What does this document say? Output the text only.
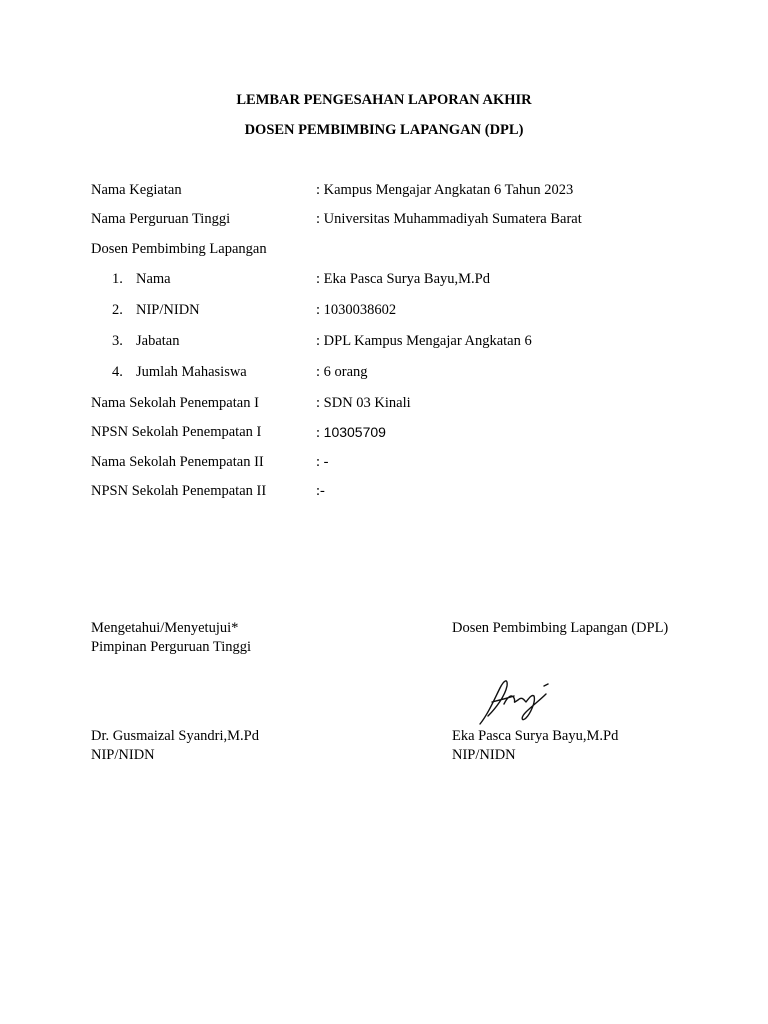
LEMBAR PENGESAHAN LAPORAN AKHIR
DOSEN PEMBIMBING LAPANGAN (DPL)
Nama Kegiatan	: Kampus Mengajar Angkatan 6 Tahun 2023
Nama Perguruan Tinggi	: Universitas Muhammadiyah Sumatera Barat
Dosen Pembimbing Lapangan
1. Nama	: Eka Pasca Surya Bayu,M.Pd
2. NIP/NIDN	: 1030038602
3. Jabatan	: DPL Kampus Mengajar Angkatan 6
4. Jumlah Mahasiswa	: 6 orang
Nama Sekolah Penempatan I	: SDN 03 Kinali
NPSN Sekolah Penempatan I	: 10305709
Nama Sekolah Penempatan II	: -
NPSN Sekolah Penempatan II	:-
Mengetahui/Menyetujui*
Pimpinan Perguruan Tinggi
Dr. Gusmaizal Syandri,M.Pd
NIP/NIDN
Dosen Pembimbing Lapangan (DPL)
Eka Pasca Surya Bayu,M.Pd
NIP/NIDN
